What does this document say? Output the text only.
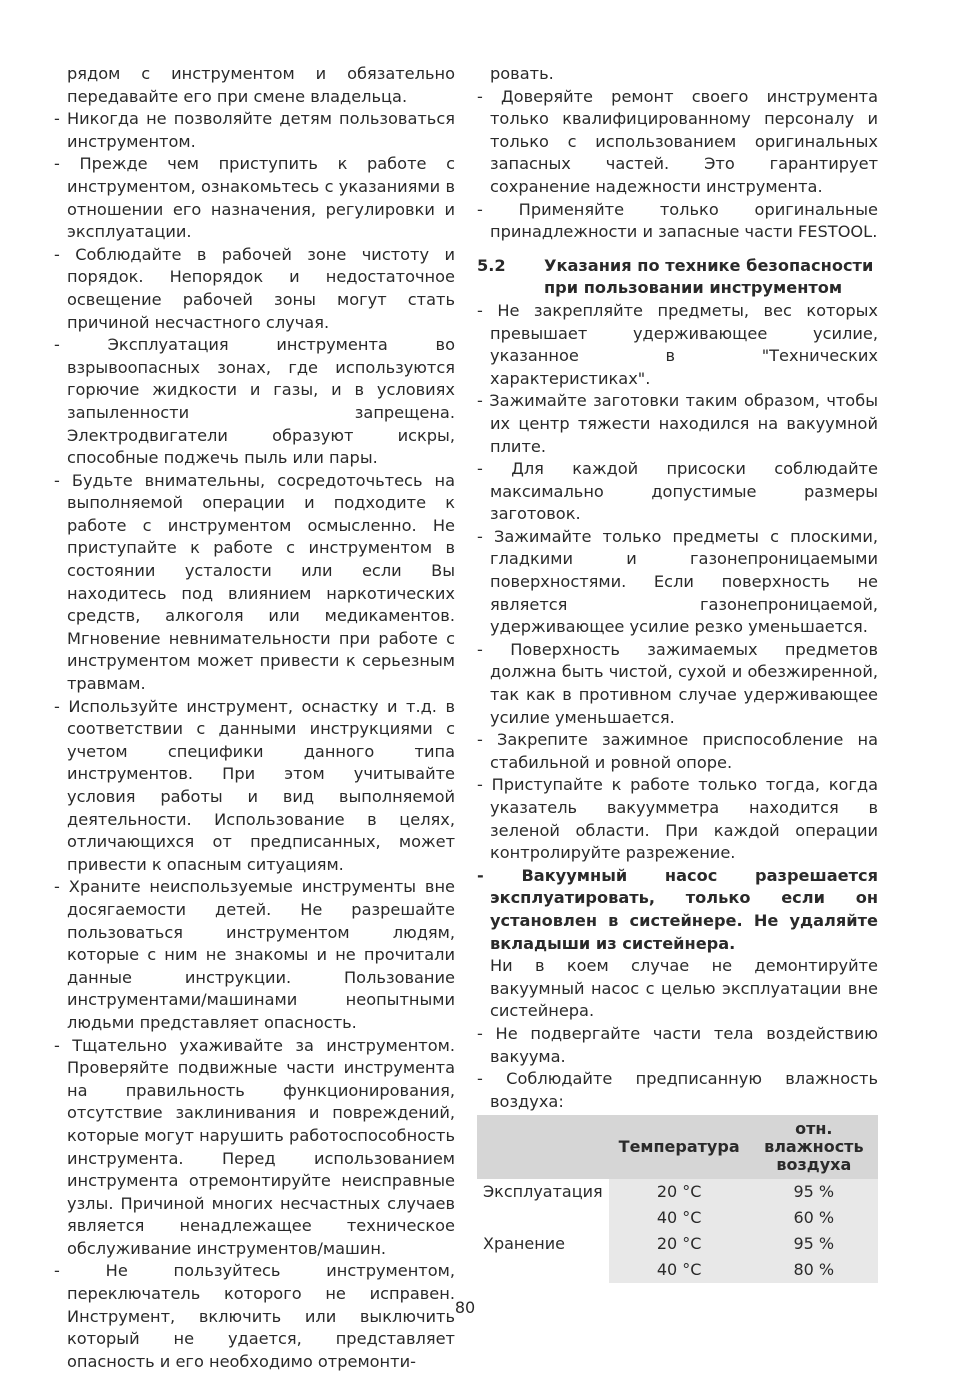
рядом с инструментом и обязательно передавайте его при смене владельца.
- Никогда не позволяйте детям пользоваться инструментом.
- Прежде чем приступить к работе с инструментом, ознакомьтесь с указаниями в отношении его назначения, регулировки и эксплуатации.
- Соблюдайте в рабочей зоне чистоту и порядок. Непорядок и недостаточное освещение рабочей зоны могут стать причиной несчастного случая.
- Эксплуатация инструмента во взрывоопасных зонах, где используются горючие жидкости и газы, и в условиях запыленности запрещена. Электродвигатели образуют искры, способные поджечь пыль или пары.
- Будьте внимательны, сосредоточьтесь на выполняемой операции и подходите к работе с инструментом осмысленно. Не приступайте к работе с инструментом в состоянии усталости или если Вы находитесь под влиянием наркотических средств, алкоголя или медикаментов. Мгновение невнимательности при работе с инструментом может привести к серьезным травмам.
- Используйте инструмент, оснастку и т.д. в соответствии с данными инструкциями с учетом специфики данного типа инструментов. При этом учитывайте условия работы и вид выполняемой деятельности. Использование в целях, отличающихся от предписанных, может привести к опасным ситуациям.
- Храните неиспользуемые инструменты вне досягаемости детей. Не разрешайте пользоваться инструментом людям, которые с ним не знакомы и не прочитали данные инструкции. Пользование инструментами/машинами неопытными людьми представляет опасность.
- Тщательно ухаживайте за инструментом. Проверяйте подвижные части инструмента на правильность функционирования, отсутствие заклинивания и повреждений, которые могут нарушить работоспособность инструмента. Перед использованием инструмента отремонтируйте неисправные узлы. Причиной многих несчастных случаев является ненадлежащее техническое обслуживание инструментов/машин.
- Не пользуйтесь инструментом, переключатель которого не исправен. Инструмент, включить или выключить который не удается, представляет опасность и его необходимо отремонти-
ровать.
- Доверяйте ремонт своего инструмента только квалифицированному персоналу и только с использованием оригинальных запасных частей. Это гарантирует сохранение надежности инструмента.
- Применяйте только оригинальные принадлежности и запасные части FESTOOL.
5.2	Указания по технике безопасности при пользовании инструментом
- Не закрепляйте предметы, вес которых превышает удерживающее усилие, указанное в "Технических характеристиках".
- Зажимайте заготовки таким образом, чтобы их центр тяжести находился на вакуумной плите.
- Для каждой присоски соблюдайте максимально допустимые размеры заготовок.
- Зажимайте только предметы с плоскими, гладкими и газонепроницаемыми поверхностями. Если поверхность не является газонепроницаемой, удерживающее усилие резко уменьшается.
- Поверхность зажимаемых предметов должна быть чистой, сухой и обезжиренной, так как в противном случае удерживающее усилие уменьшается.
- Закрепите зажимное приспособление на стабильной и ровной опоре.
- Приступайте к работе только тогда, когда указатель вакуумметра находится в зеленой области. При каждой операции контролируйте разрежение.
- Вакуумный насос разрешается эксплуатировать, только если он установлен в систейнере. Не удаляйте вкладыши из систейнера.
Ни в коем случае не демонтируйте вакуумный насос с целью эксплуатации вне систейнера.
- Не подвергайте части тела воздействию вакуума.
- Соблюдайте предписанную влажность воздуха:
	Температура	отн. влажность воздуха
Эксплуатация	20 °C	95 %
	40 °C	60 %
Хранение	20 °C	95 %
	40 °C	80 %
80
